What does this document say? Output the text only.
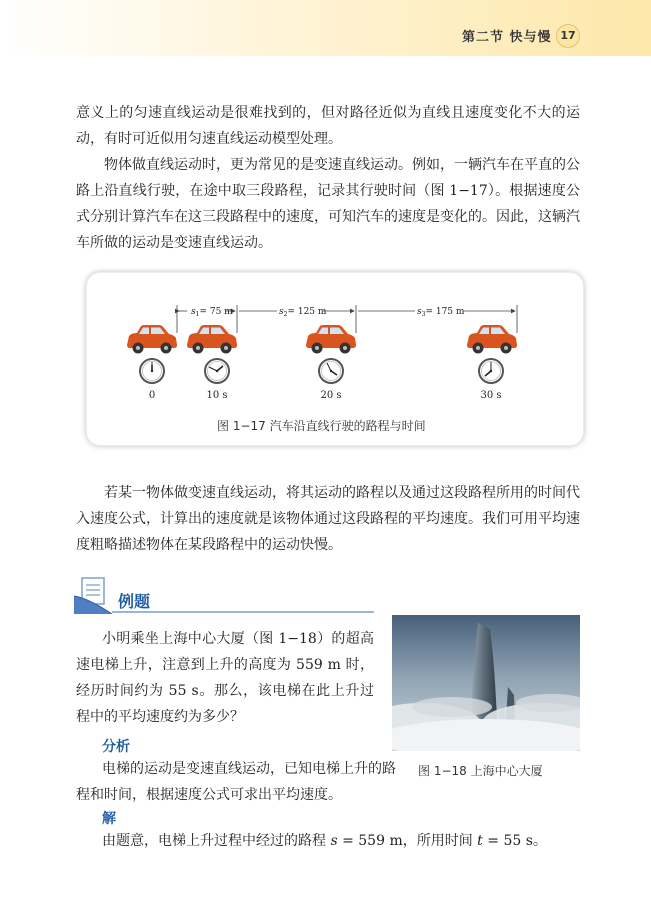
第二节 快与慢 17

意义上的匀速直线运动是很难找到的，但对路径近似为直线且速度变化不大的运动，有时可近似用匀速直线运动模型处理。

物体做直线运动时，更为常见的是变速直线运动。例如，一辆汽车在平直的公路上沿直线行驶，在途中取三段路程，记录其行驶时间（图 1−17）。根据速度公式分别计算汽车在这三段路程中的速度，可知汽车的速度是变化的。因此，这辆汽车所做的运动是变速直线运动。

$s_1= 75$ m	$s_2= 125$ m	$s_3= 175$ m
0	10 s	20 s	30 s
图 1−17 汽车沿直线行驶的路程与时间

若某一物体做变速直线运动，将其运动的路程以及通过这段路程所用的时间代入速度公式，计算出的速度就是该物体通过这段路程的平均速度。我们可用平均速度粗略描述物体在某段路程中的运动快慢。

例题

小明乘坐上海中心大厦（图 1−18）的超高速电梯上升，注意到上升的高度为 559 m 时，经历时间约为 55 s。那么，该电梯在此上升过程中的平均速度约为多少？

分析

电梯的运动是变速直线运动，已知电梯上升的路程和时间，根据速度公式可求出平均速度。

解

由题意，电梯上升过程中经过的路程 s = 559 m，所用时间 t = 55 s。

图 1−18 上海中心大厦
